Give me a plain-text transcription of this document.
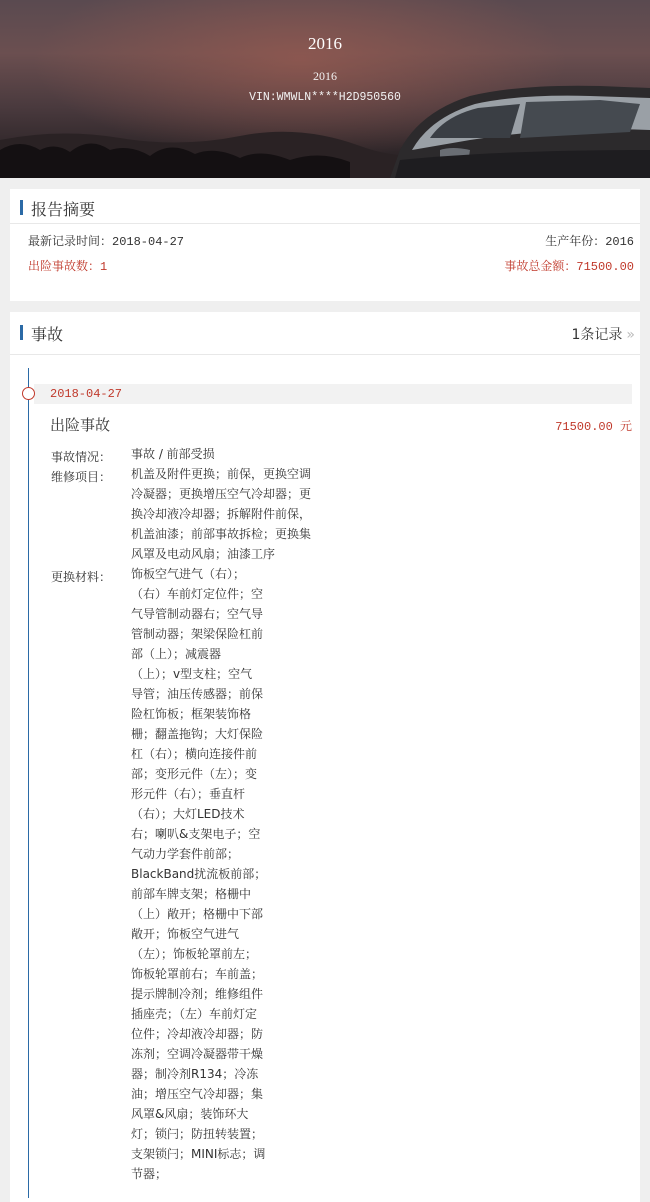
2016
2016
VIN:WMWLN****H2D950560
报告摘要
最新记录时间：2018-04-27	生产年份：2016
出险事故数：1	事故总金额：71500.00
事故	1条记录 »
2018-04-27
出险事故	71500.00 元
事故情况：	事故 / 前部受损
维修项目：	机盖及附件更换；前保，更换空调
冷凝器；更换增压空气冷却器；更
换冷却液冷却器；拆解附件前保，
机盖油漆；前部事故拆检；更换集
风罩及电动风扇；油漆工序
更换材料：	饰板空气进气（右）；
（右）车前灯定位件；空
气导管制动器右；空气导
管制动器；架梁保险杠前
部（上）；减震器
（上）；v型支柱；空气
导管；油压传感器；前保
险杠饰板；框架装饰格
栅；翻盖拖钩；大灯保险
杠（右）；横向连接件前
部；变形元件（左）；变
形元件（右）；垂直杆
（右）；大灯LED技术
右；喇叭&支架电子；空
气动力学套件前部；
BlackBand扰流板前部；
前部车牌支架；格栅中
（上）敞开；格栅中下部
敞开；饰板空气进气
（左）；饰板轮罩前左；
饰板轮罩前右；车前盖；
提示牌制冷剂；维修组件
插座壳；（左）车前灯定
位件；冷却液冷却器；防
冻剂；空调冷凝器带干燥
器；制冷剂R134；冷冻
油；增压空气冷却器；集
风罩&风扇；装饰环大
灯；锁闩；防扭转装置；
支架锁闩；MINI标志；调
节器；
